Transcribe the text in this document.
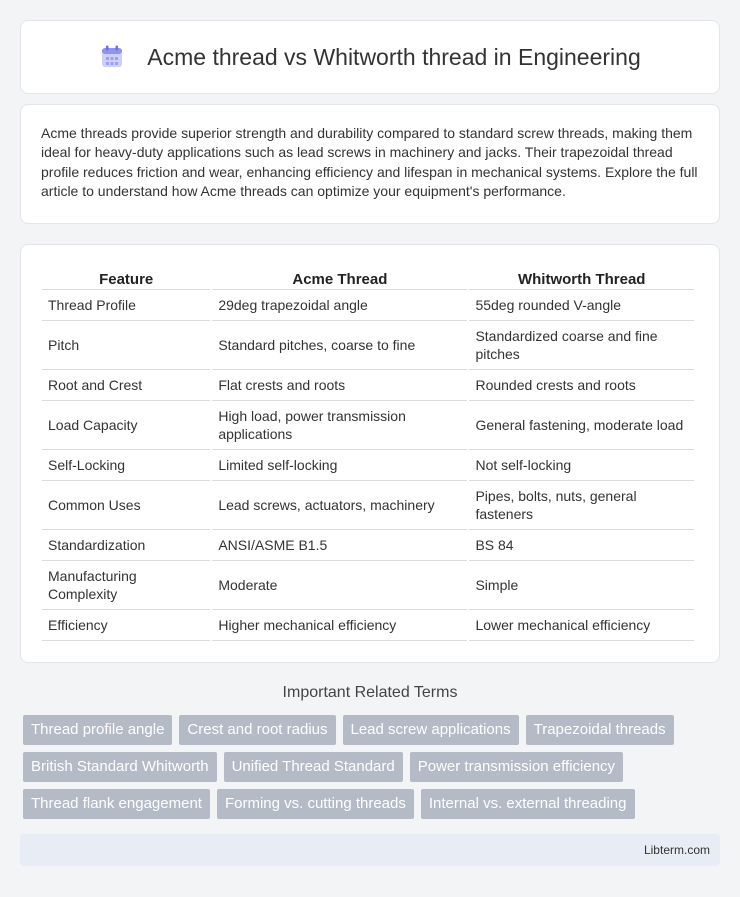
Acme thread vs Whitworth thread in Engineering

Acme threads provide superior strength and durability compared to standard screw threads, making them ideal for heavy-duty applications such as lead screws in machinery and jacks. Their trapezoidal thread profile reduces friction and wear, enhancing efficiency and lifespan in mechanical systems. Explore the full article to understand how Acme threads can optimize your equipment's performance.

Feature	Acme Thread	Whitworth Thread
Thread Profile	29deg trapezoidal angle	55deg rounded V-angle
Pitch	Standard pitches, coarse to fine	Standardized coarse and fine pitches
Root and Crest	Flat crests and roots	Rounded crests and roots
Load Capacity	High load, power transmission applications	General fastening, moderate load
Self-Locking	Limited self-locking	Not self-locking
Common Uses	Lead screws, actuators, machinery	Pipes, bolts, nuts, general fasteners
Standardization	ANSI/ASME B1.5	BS 84
Manufacturing Complexity	Moderate	Simple
Efficiency	Higher mechanical efficiency	Lower mechanical efficiency
Important Related Terms
Thread profile angle	Crest and root radius	Lead screw applications	Trapezoidal threads
British Standard Whitworth	Unified Thread Standard	Power transmission efficiency
Thread flank engagement	Forming vs. cutting threads	Internal vs. external threading
Libterm.com
